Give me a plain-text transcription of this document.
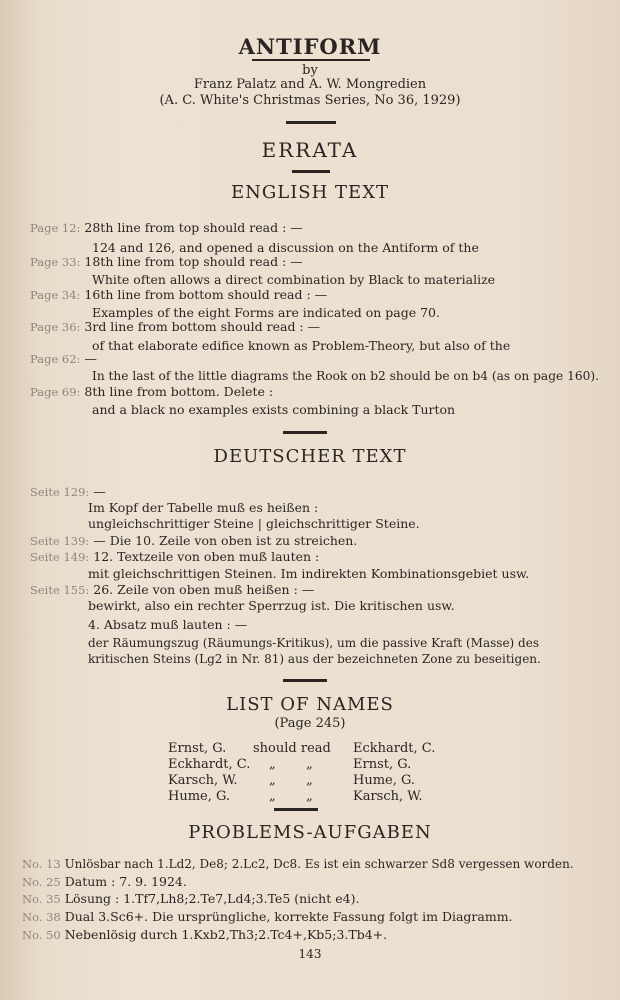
ANTIFORM
by
Franz Palatz and A. W. Mongredien
(A. C. White's Christmas Series, No 36, 1929)
ERRATA
ENGLISH TEXT
Page 12: 28th line from top should read : —
124 and 126, and opened a discussion on the Antiform of the
Page 33: 18th line from top should read : —
White often allows a direct combination by Black to materialize
Page 34: 16th line from bottom should read : —
Examples of the eight Forms are indicated on page 70.
Page 36: 3rd line from bottom should read : —
of that elaborate edifice known as Problem-Theory, but also of the
Page 62: —
In the last of the little diagrams the Rook on b2 should be on b4 (as on page 160).
Page 69: 8th line from bottom. Delete :
and a black no examples exists combining a black Turton
DEUTSCHER TEXT
Seite 129: —
Im Kopf der Tabelle muß es heißen :
ungleichschrittiger Steine | gleichschrittiger Steine.
Seite 139: — Die 10. Zeile von oben ist zu streichen.
Seite 149: 12. Textzeile von oben muß lauten :
mit gleichschrittigen Steinen. Im indirekten Kombinationsgebiet usw.
Seite 155: 26. Zeile von oben muß heißen : —
bewirkt, also ein rechter Sperrzug ist. Die kritischen usw.
4. Absatz muß lauten : —
der Räumungszug (Räumungs-Kritikus), um die passive Kraft (Masse) des
kritischen Steins (Lg2 in Nr. 81) aus der bezeichneten Zone zu beseitigen.
LIST OF NAMES
(Page 245)
Ernst, G. should read Eckhardt, C.
Eckhardt, C. „ „	Ernst, G.
Karsch, W. „ „	Hume, G.
Hume, G.	„ „	Karsch, W.
PROBLEMS-AUFGABEN
No. 13 Unlösbar nach 1.Ld2, De8; 2.Lc2, Dc8. Es ist ein schwarzer Sd8 vergessen worden.
No. 25 Datum : 7. 9. 1924.
No. 35 Lösung : 1.Tf7,Lh8;2.Te7,Ld4;3.Te5 (nicht e4).
No. 38 Dual 3.Sc6+. Die ursprüngliche, korrekte Fassung folgt im Diagramm.
No. 50 Nebenlösig durch 1.Kxb2,Th3;2.Tc4+,Kb5;3.Tb4+.
143
